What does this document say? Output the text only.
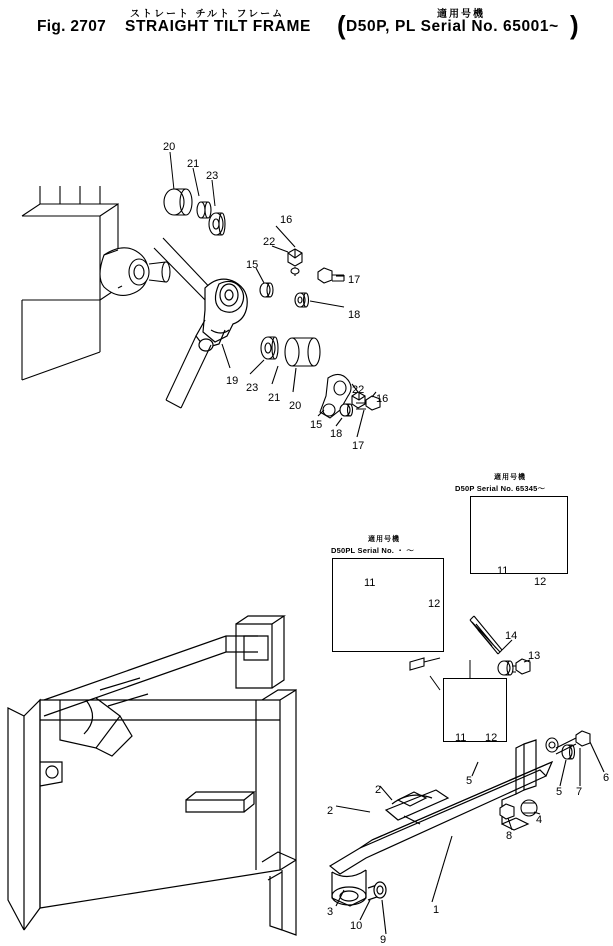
ストレート チルト フレーム	適用号機
Fig. 2707 STRAIGHT TILT FRAME ( D50P, PL Serial No. 65001~ )
適用号機
D50PL Serial No. ・ ～
適用号機
D50P Serial No. 65345～
20
21
23
16
22
15
17
18
19
23
21
20
22
16
15
18
17
11
12
11
12
11 12
14
13
6
7
5
4
8
5
2
2
1
3
10
9
